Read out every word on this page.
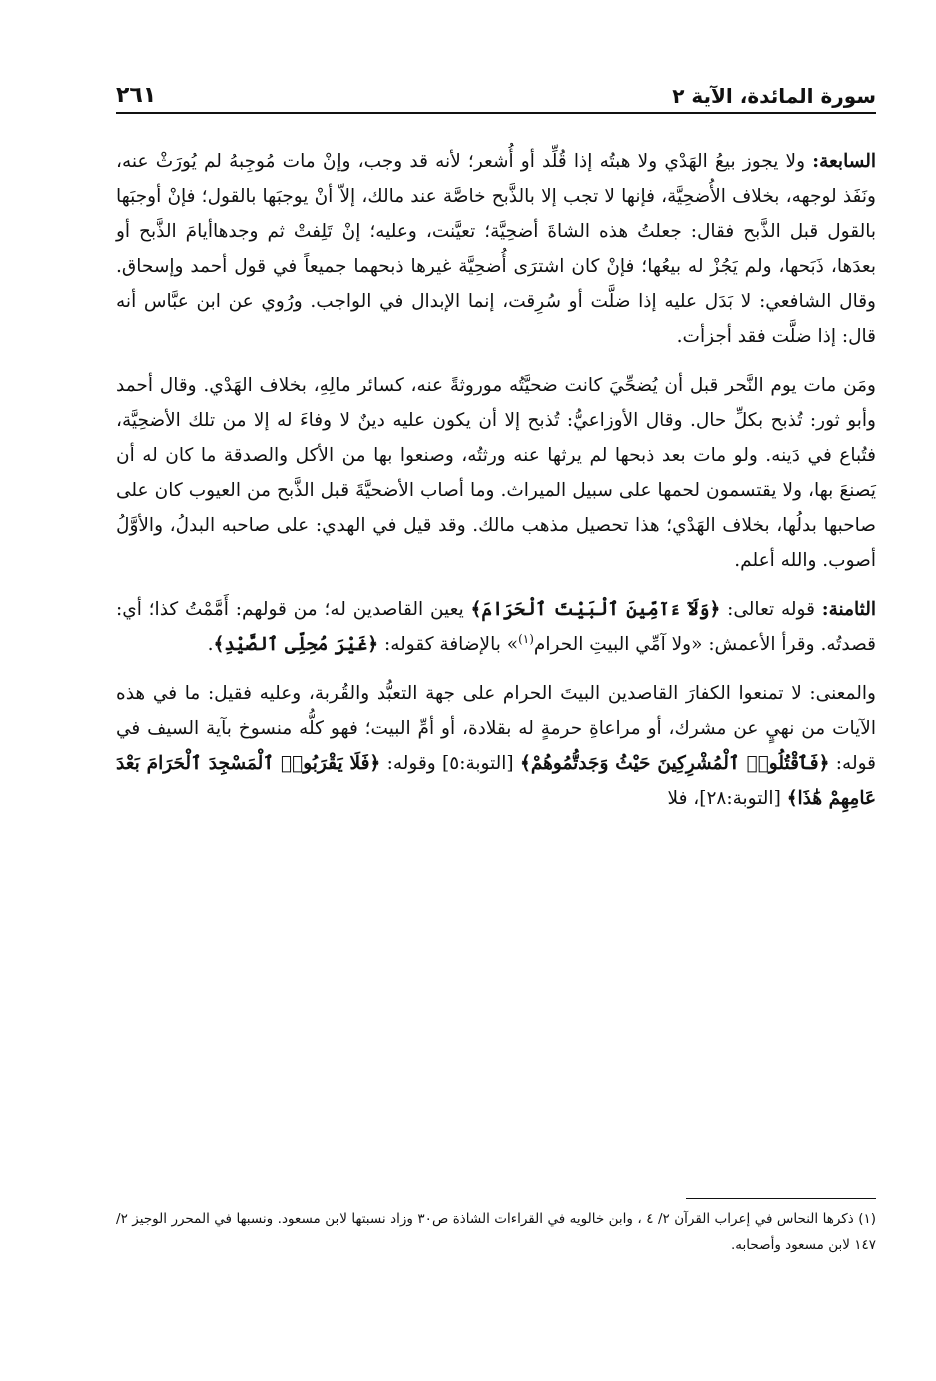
سورة المائدة، الآية ٢
٢٦١

السابعة: ولا يجوز بيعُ الهَدْي ولا هبتُه إذا قُلِّد أو أُشعر؛ لأنه قد وجب، وإنْ مات مُوجِبهُ لم يُورَثْ عنه، ونَفَذ لوجهه، بخلاف الأُضحِيَّة، فإنها لا تجب إلا بالذَّبح خاصَّة عند مالك، إلاّ أنْ يوجبَها بالقول؛ فإنْ أوجبَها بالقول قبل الذَّبح فقال: جعلتُ هذه الشاةَ أضحِيَّة؛ تعيَّنت، وعليه؛ إنْ تَلِفتْ ثم وجدهاأيامَ الذَّبح أو بعدَها، ذَبَحها، ولم يَجُزْ له بيعُها؛ فإنْ كان اشترَى أُضحِيَّة غيرها ذبحهما جميعاً في قول أحمد وإسحاق. وقال الشافعي: لا بَدَل عليه إذا ضلَّت أو سُرِقت، إنما الإبدال في الواجب. ورُوي عن ابن عبَّاس أنه قال: إذا ضلَّت فقد أجزأت.

ومَن مات يوم النَّحر قبل أن يُضحِّيَ كانت ضحيَّتُه موروثةً عنه، كسائر مالِهِ، بخلاف الهَدْي. وقال أحمد وأبو ثور: تُذبح بكلِّ حال. وقال الأوزاعيُّ: تُذبح إلا أن يكون عليه دينٌ لا وفاءَ له إلا من تلك الأضحِيَّة، فتُباع في دَينه. ولو مات بعد ذبحها لم يرثها عنه ورثتُه، وصنعوا بها من الأكل والصدقة ما كان له أن يَصنعَ بها، ولا يقتسمون لحمها على سبيل الميراث. وما أصاب الأضحيَّةَ قبل الذَّبح من العيوب كان على صاحبها بدلُها، بخلاف الهَدْي؛ هذا تحصيل مذهب مالك. وقد قيل في الهدي: على صاحبه البدلُ، والأوَّلُ أصوب. والله أعلم.

الثامنة: قوله تعالى: ﴿وَلَآ ءَآمِّينَ ٱلْبَيْتَ ٱلْحَرَامَ﴾ يعين القاصدين له؛ من قولهم: أَمَّمْتُ كذا؛ أي: قصدتُه. وقرأ الأعمش: «ولا آمِّي البيتِ الحرام$^{(١)}$» بالإضافة كقوله: ﴿غَيْرَ مُحِلِّى ٱلصَّيْدِ﴾.

والمعنى: لا تمنعوا الكفارَ القاصدين البيتَ الحرام على جهة التعبُّد والقُربة، وعليه فقيل: ما في هذه الآيات من نهيٍ عن مشرك، أو مراعاةِ حرمةٍ له بقلادة، أو أمِّ البيت؛ فهو كلُّه منسوخ بآية السيف في قوله: ﴿فَٱقْتُلُوا۟ ٱلْمُشْرِكِينَ حَيْثُ وَجَدتُّمُوهُمْ﴾ [التوبة:٥] وقوله: ﴿فَلَا يَقْرَبُوا۟ ٱلْمَسْجِدَ ٱلْحَرَامَ بَعْدَ عَامِهِمْ هَٰذَا﴾ [التوبة:٢٨]، فلا

(١) ذكرها النحاس في إعراب القرآن ٢/ ٤ ، وابن خالويه في القراءات الشاذة ص٣٠ وزاد نسبتها لابن مسعود. ونسبها في المحرر الوجيز ٢/ ١٤٧ لابن مسعود وأصحابه.
